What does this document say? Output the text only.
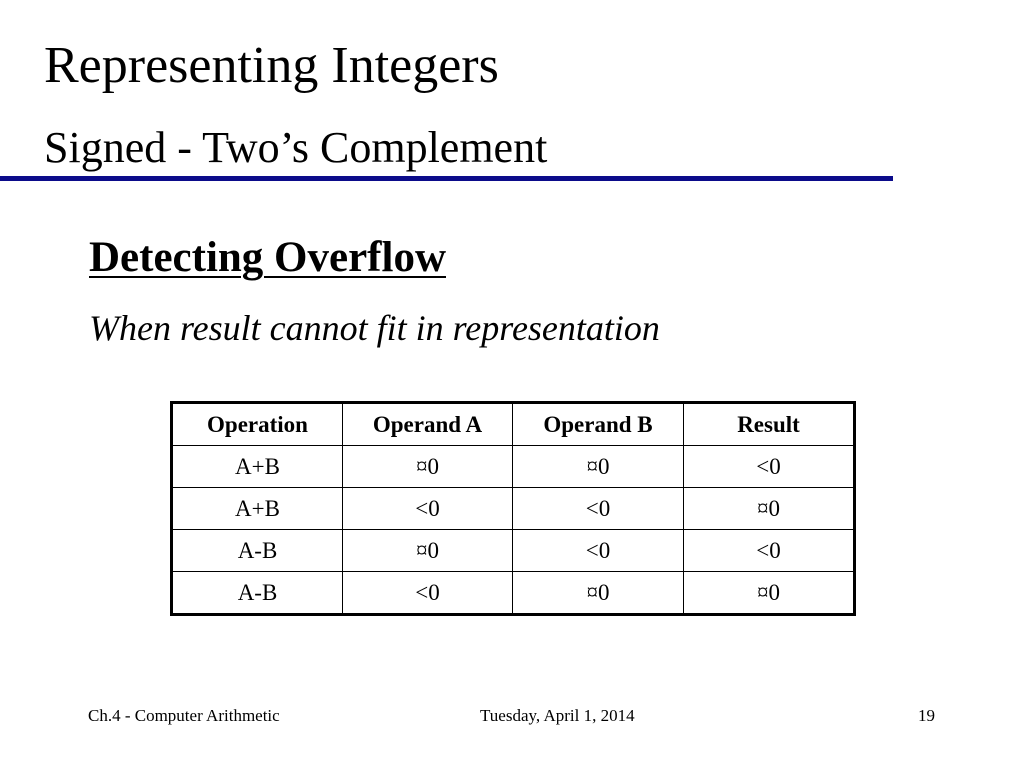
Representing Integers
Signed - Two’s Complement
Detecting Overflow
When result cannot fit in representation
Operation	Operand A	Operand B	Result
A+B	¤0	¤0	<0
A+B	<0	<0	¤0
A-B	¤0	<0	<0
A-B	<0	¤0	¤0
Ch.4 - Computer Arithmetic	Tuesday, April 1, 2014	19
